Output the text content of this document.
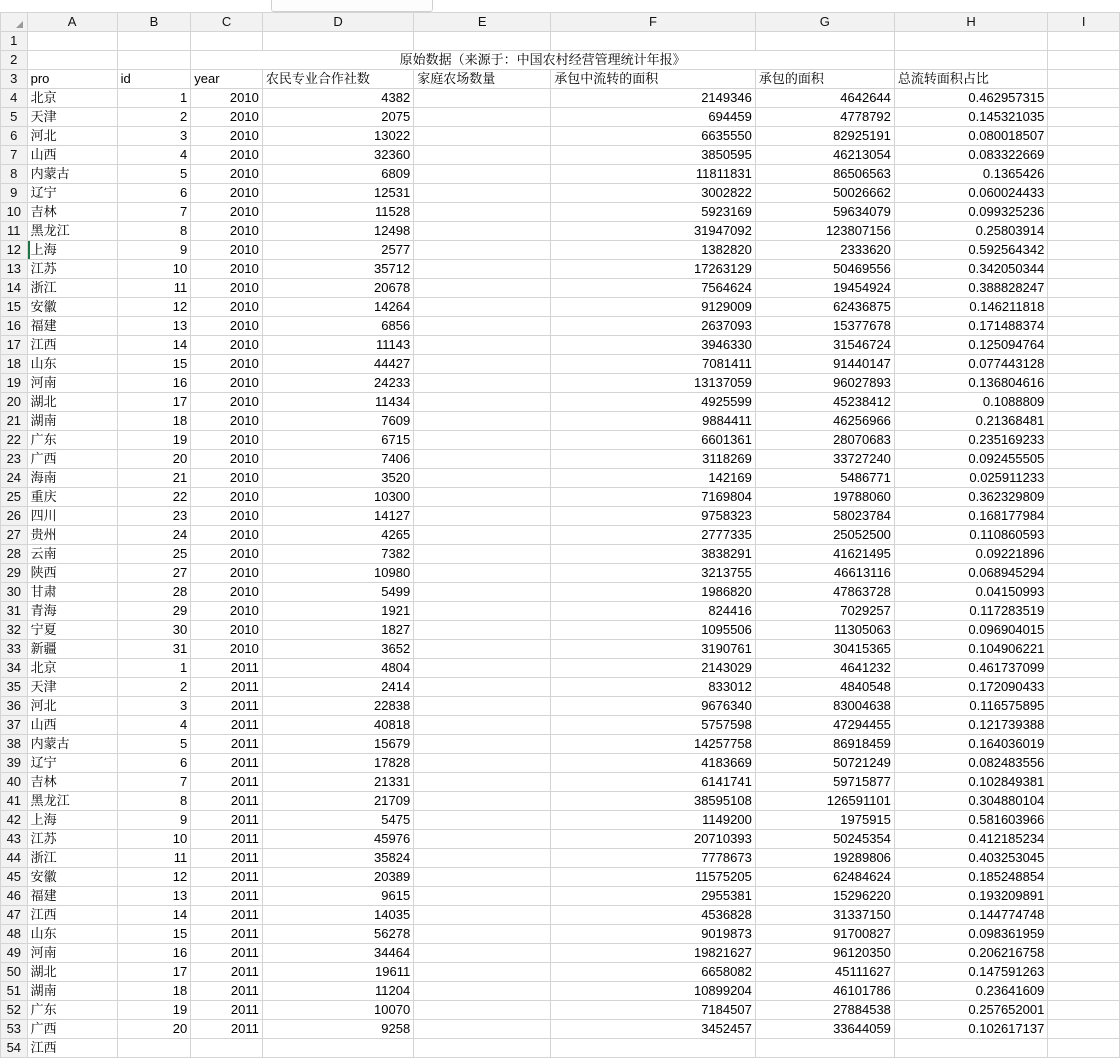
	A	B	C	D	E	F	G	H	I
1									
2			原始数据（来源于：中国农村经营管理统计年报》						
3	pro	id	year	农民专业合作社数	家庭农场数量	承包中流转的面积	承包的面积	总流转面积占比	
4	北京	1	2010	4382		2149346	4642644	0.462957315	
5	天津	2	2010	2075		694459	4778792	0.145321035	
6	河北	3	2010	13022		6635550	82925191	0.080018507	
7	山西	4	2010	32360		3850595	46213054	0.083322669	
8	内蒙古	5	2010	6809		11811831	86506563	0.1365426	
9	辽宁	6	2010	12531		3002822	50026662	0.060024433	
10	吉林	7	2010	11528		5923169	59634079	0.099325236	
11	黑龙江	8	2010	12498		31947092	123807156	0.25803914	
12	上海	9	2010	2577		1382820	2333620	0.592564342	
13	江苏	10	2010	35712		17263129	50469556	0.342050344	
14	浙江	11	2010	20678		7564624	19454924	0.388828247	
15	安徽	12	2010	14264		9129009	62436875	0.146211818	
16	福建	13	2010	6856		2637093	15377678	0.171488374	
17	江西	14	2010	11143		3946330	31546724	0.125094764	
18	山东	15	2010	44427		7081411	91440147	0.077443128	
19	河南	16	2010	24233		13137059	96027893	0.136804616	
20	湖北	17	2010	11434		4925599	45238412	0.1088809	
21	湖南	18	2010	7609		9884411	46256966	0.21368481	
22	广东	19	2010	6715		6601361	28070683	0.235169233	
23	广西	20	2010	7406		3118269	33727240	0.092455505	
24	海南	21	2010	3520		142169	5486771	0.025911233	
25	重庆	22	2010	10300		7169804	19788060	0.362329809	
26	四川	23	2010	14127		9758323	58023784	0.168177984	
27	贵州	24	2010	4265		2777335	25052500	0.110860593	
28	云南	25	2010	7382		3838291	41621495	0.09221896	
29	陕西	27	2010	10980		3213755	46613116	0.068945294	
30	甘肃	28	2010	5499		1986820	47863728	0.04150993	
31	青海	29	2010	1921		824416	7029257	0.117283519	
32	宁夏	30	2010	1827		1095506	11305063	0.096904015	
33	新疆	31	2010	3652		3190761	30415365	0.104906221	
34	北京	1	2011	4804		2143029	4641232	0.461737099	
35	天津	2	2011	2414		833012	4840548	0.172090433	
36	河北	3	2011	22838		9676340	83004638	0.116575895	
37	山西	4	2011	40818		5757598	47294455	0.121739388	
38	内蒙古	5	2011	15679		14257758	86918459	0.164036019	
39	辽宁	6	2011	17828		4183669	50721249	0.082483556	
40	吉林	7	2011	21331		6141741	59715877	0.102849381	
41	黑龙江	8	2011	21709		38595108	126591101	0.304880104	
42	上海	9	2011	5475		1149200	1975915	0.581603966	
43	江苏	10	2011	45976		20710393	50245354	0.412185234	
44	浙江	11	2011	35824		7778673	19289806	0.403253045	
45	安徽	12	2011	20389		11575205	62484624	0.185248854	
46	福建	13	2011	9615		2955381	15296220	0.193209891	
47	江西	14	2011	14035		4536828	31337150	0.144774748	
48	山东	15	2011	56278		9019873	91700827	0.098361959	
49	河南	16	2011	34464		19821627	96120350	0.206216758	
50	湖北	17	2011	19611		6658082	45111627	0.147591263	
51	湖南	18	2011	11204		10899204	46101786	0.23641609	
52	广东	19	2011	10070		7184507	27884538	0.257652001	
53	广西	20	2011	9258		3452457	33644059	0.102617137	
54	江西								
